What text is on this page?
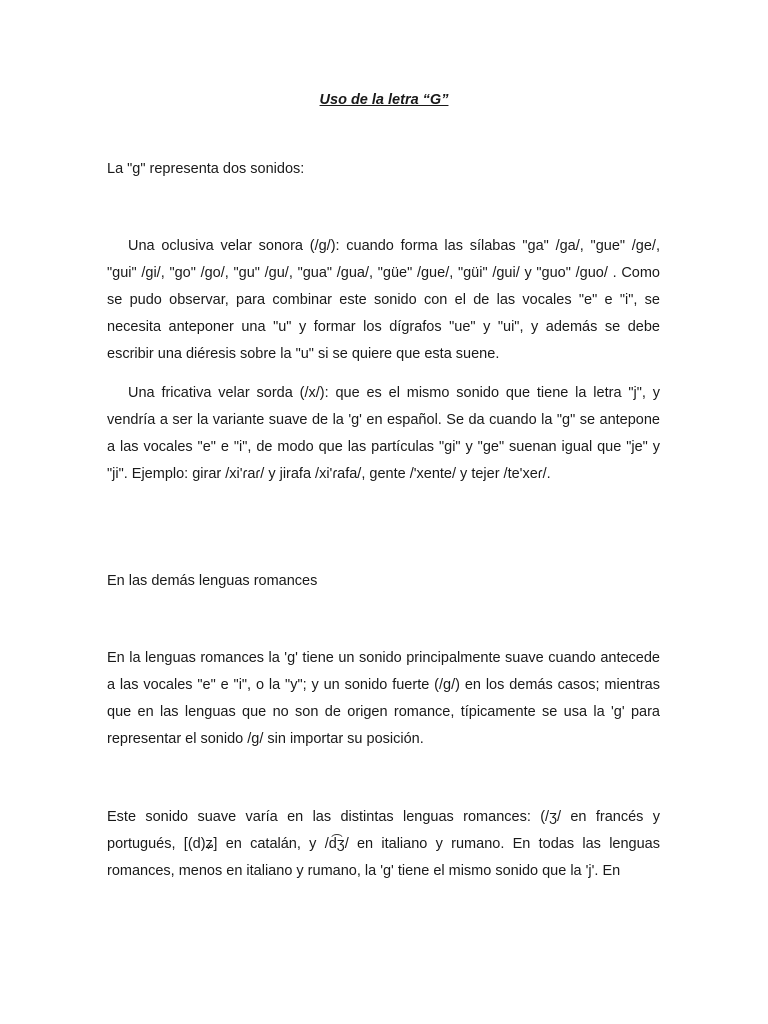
Uso de la letra “G”

La "g" representa dos sonidos:

Una oclusiva velar sonora (/g/): cuando forma las sílabas "ga" /ga/, "gue" /ge/, "gui" /gi/, "go" /go/, "gu" /gu/, "gua" /gua/, "güe" /gue/, "güi" /gui/ y "guo" /guo/ . Como se pudo observar, para combinar este sonido con el de las vocales "e" e "i", se necesita anteponer una "u" y formar los dígrafos "ue" y "ui", y además se debe escribir una diéresis sobre la "u" si se quiere que esta suene.

Una fricativa velar sorda (/x/): que es el mismo sonido que tiene la letra "j", y vendría a ser la variante suave de la 'g' en español. Se da cuando la "g" se antepone a las vocales "e" e "i", de modo que las partículas "gi" y "ge" suenan igual que "je" y "ji". Ejemplo: girar /xi'ɾaɾ/ y jirafa /xi'ɾafa/, gente /'xente/ y tejer /te'xeɾ/.

En las demás lenguas romances

En la lenguas romances la 'g' tiene un sonido principalmente suave cuando antecede a las vocales "e" e "i", o la "y"; y un sonido fuerte (/g/) en los demás casos; mientras que en las lenguas que no son de origen romance, típicamente se usa la 'g' para representar el sonido /g/ sin importar su posición.

Este sonido suave varía en las distintas lenguas romances: (/ʒ/ en francés y portugués, [(d)ʑ] en catalán, y /d͡ʒ/ en italiano y rumano. En todas las lenguas romances, menos en italiano y rumano, la 'g' tiene el mismo sonido que la 'j'. En
